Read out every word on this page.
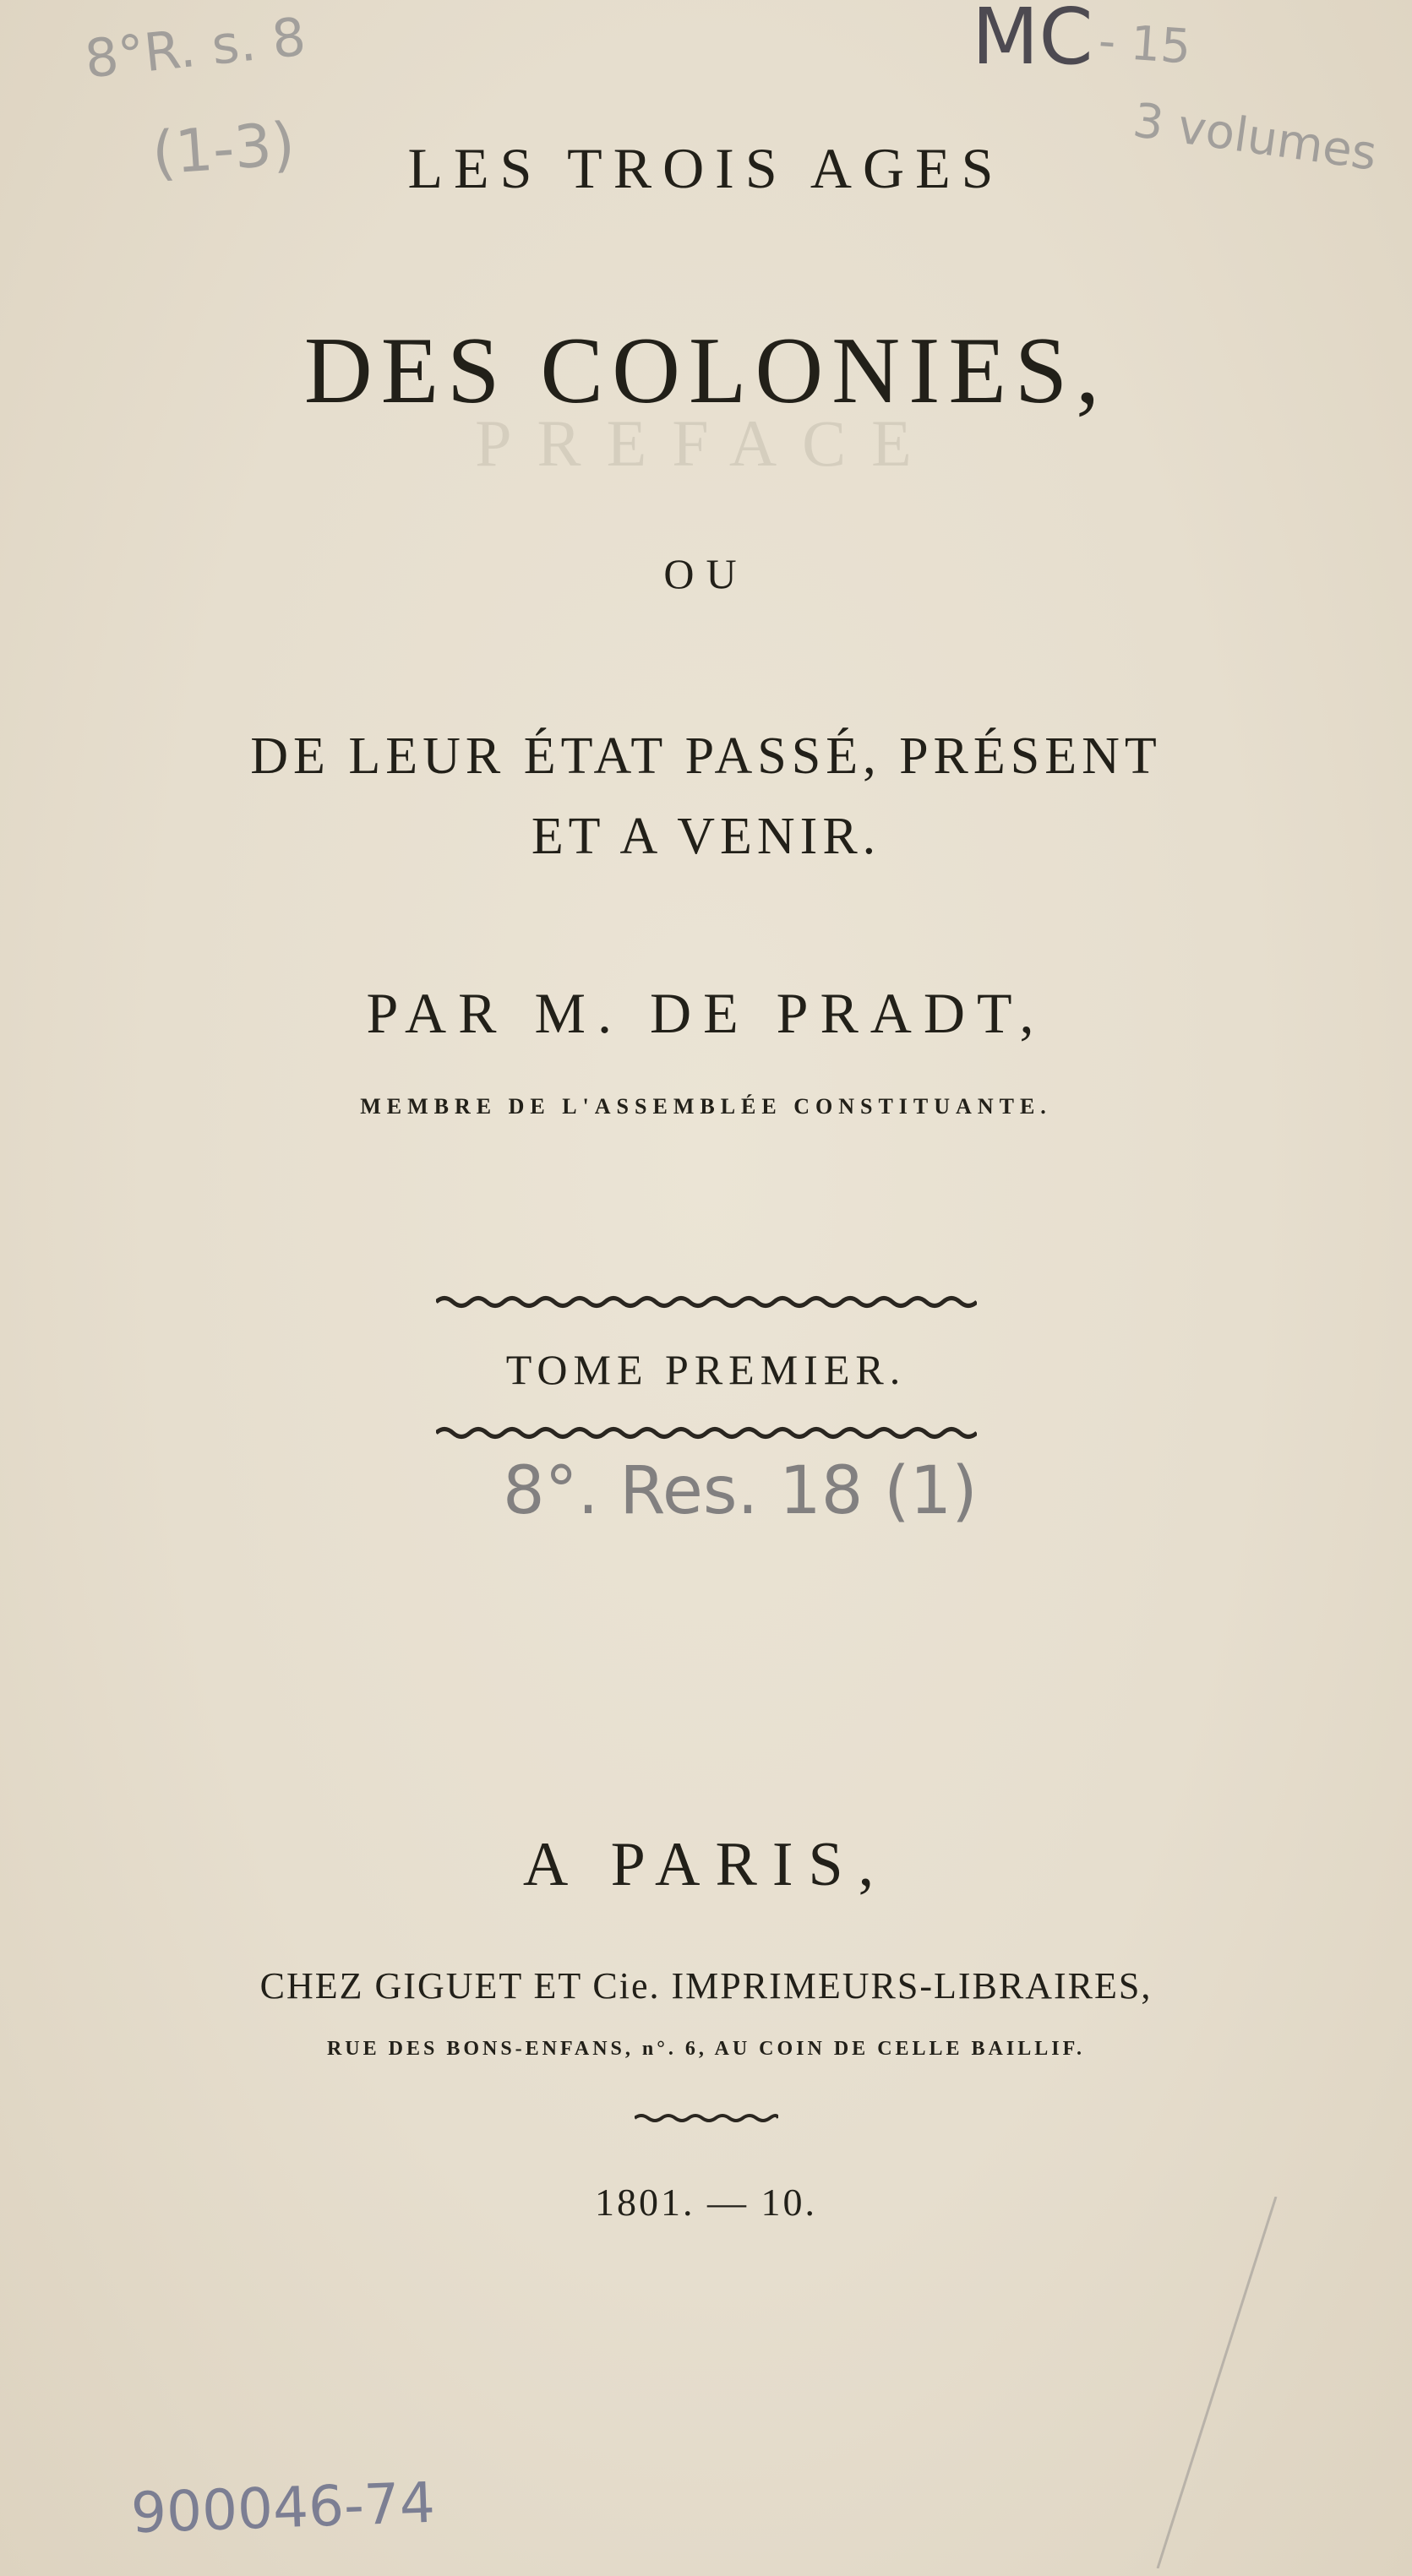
PREFACE
8°R. s. 8
(1-3)
MC - 15
3 volumes
LES TROIS AGES
DES COLONIES,
OU
DE LEUR ÉTAT PASSÉ, PRÉSENT
ET A VENIR.
PAR M. DE PRADT,
MEMBRE DE L'ASSEMBLÉE CONSTITUANTE.
TOME PREMIER.
8°. Res. 18 (1)
A PARIS,
CHEZ GIGUET ET Cie. IMPRIMEURS-LIBRAIRES,
RUE DES BONS-ENFANS, n°. 6, AU COIN DE CELLE BAILLIF.
1801. — 10.
900046-74
